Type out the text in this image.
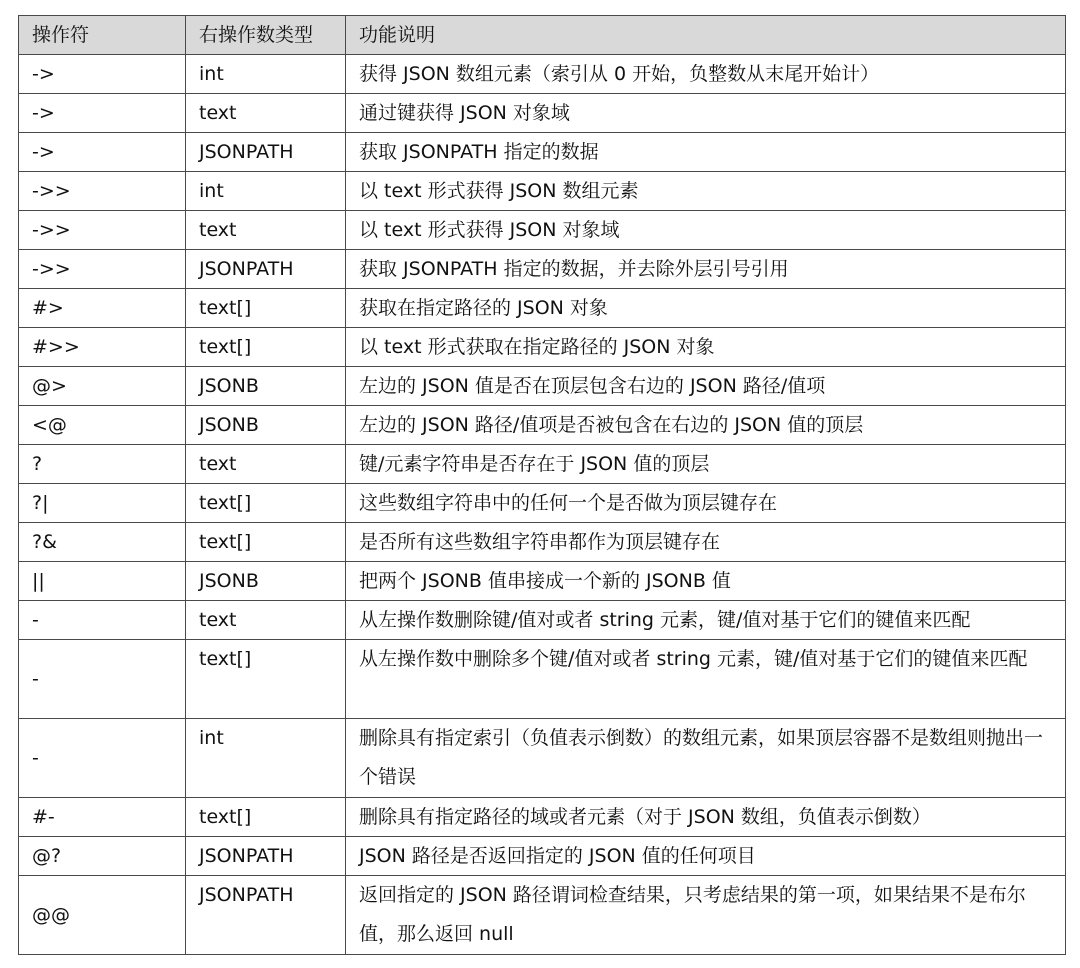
操作符	右操作数类型	功能说明
->	int	获得 JSON 数组元素（索引从 0 开始，负整数从末尾开始计）
->	text	通过键获得 JSON 对象域
->	JSONPATH	获取 JSONPATH 指定的数据
->>	int	以 text 形式获得 JSON 数组元素
->>	text	以 text 形式获得 JSON 对象域
->>	JSONPATH	获取 JSONPATH 指定的数据，并去除外层引号引用
#>	text[]	获取在指定路径的 JSON 对象
#>>	text[]	以 text 形式获取在指定路径的 JSON 对象
@>	JSONB	左边的 JSON 值是否在顶层包含右边的 JSON 路径/值项
<@	JSONB	左边的 JSON 路径/值项是否被包含在右边的 JSON 值的顶层
?	text	键/元素字符串是否存在于 JSON 值的顶层
?|	text[]	这些数组字符串中的任何一个是否做为顶层键存在
?&	text[]	是否所有这些数组字符串都作为顶层键存在
||	JSONB	把两个 JSONB 值串接成一个新的 JSONB 值
-	text	从左操作数删除键/值对或者 string 元素，键/值对基于它们的键值来匹配
-	text[]	从左操作数中删除多个键/值对或者 string 元素，键/值对基于它们的键值来匹配
-	int	删除具有指定索引（负值表示倒数）的数组元素，如果顶层容器不是数组则抛出一个错误
#-	text[]	删除具有指定路径的域或者元素（对于 JSON 数组，负值表示倒数）
@?	JSONPATH	JSON 路径是否返回指定的 JSON 值的任何项目
@@	JSONPATH	返回指定的 JSON 路径谓词检查结果，只考虑结果的第一项，如果结果不是布尔值，那么返回 null
